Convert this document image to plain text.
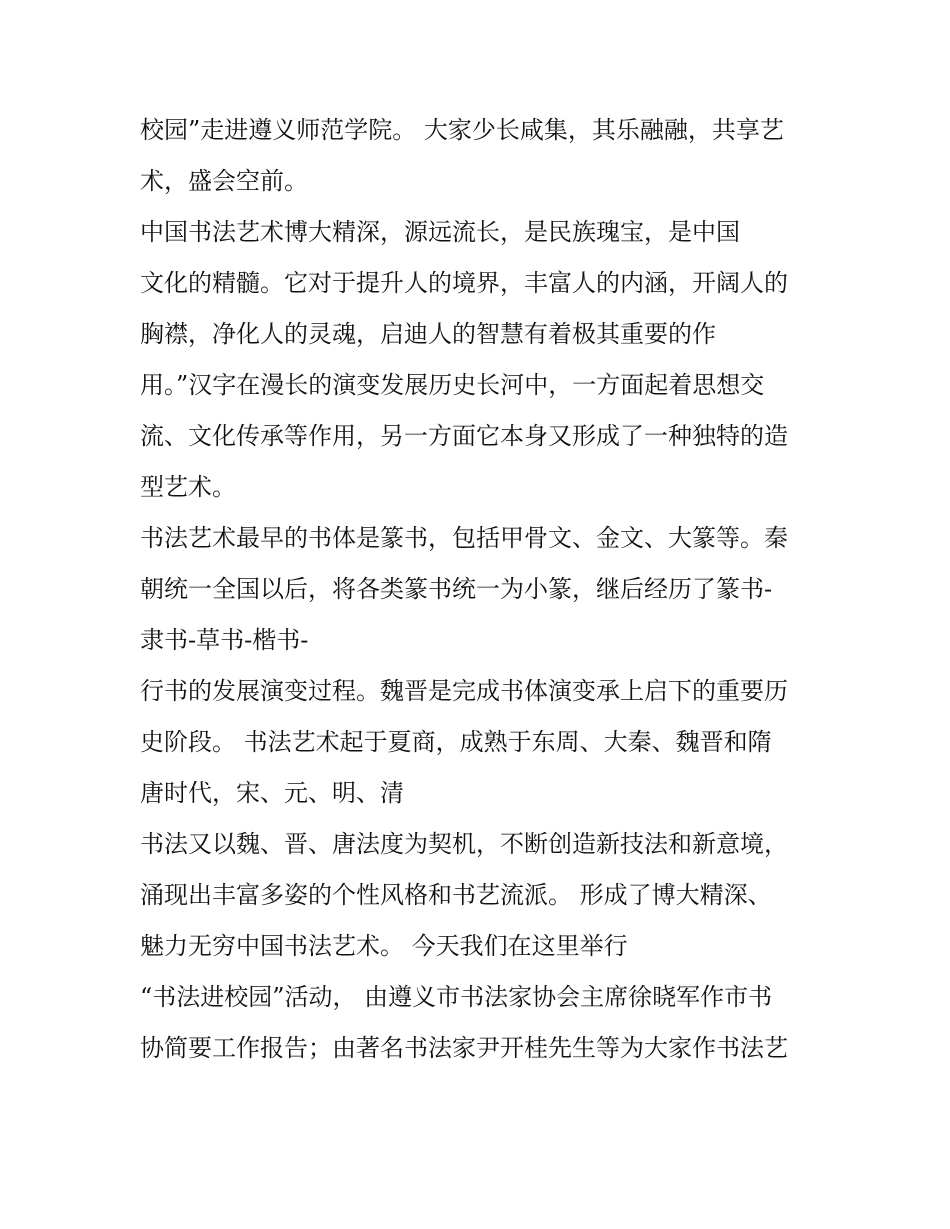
校园”走进遵义师范学院。 大家少长咸集，其乐融融，共享艺
术，盛会空前。
中国书法艺术博大精深，源远流长，是民族瑰宝，是中国
文化的精髓。它对于提升人的境界，丰富人的内涵，开阔人的
胸襟，净化人的灵魂，启迪人的智慧有着极其重要的作
用。”汉字在漫长的演变发展历史长河中，一方面起着思想交
流、文化传承等作用，另一方面它本身又形成了一种独特的造
型艺术。
书法艺术最早的书体是篆书，包括甲骨文、金文、大篆等。秦
朝统一全国以后，将各类篆书统一为小篆，继后经历了篆书-
隶书-草书-楷书-
行书的发展演变过程。魏晋是完成书体演变承上启下的重要历
史阶段。 书法艺术起于夏商，成熟于东周、大秦、魏晋和隋
唐时代，宋、元、明、清
书法又以魏、晋、唐法度为契机，不断创造新技法和新意境，
涌现出丰富多姿的个性风格和书艺流派。 形成了博大精深、
魅力无穷中国书法艺术。 今天我们在这里举行
“书法进校园”活动， 由遵义市书法家协会主席徐晓军作市书
协简要工作报告；由著名书法家尹开桂先生等为大家作书法艺
